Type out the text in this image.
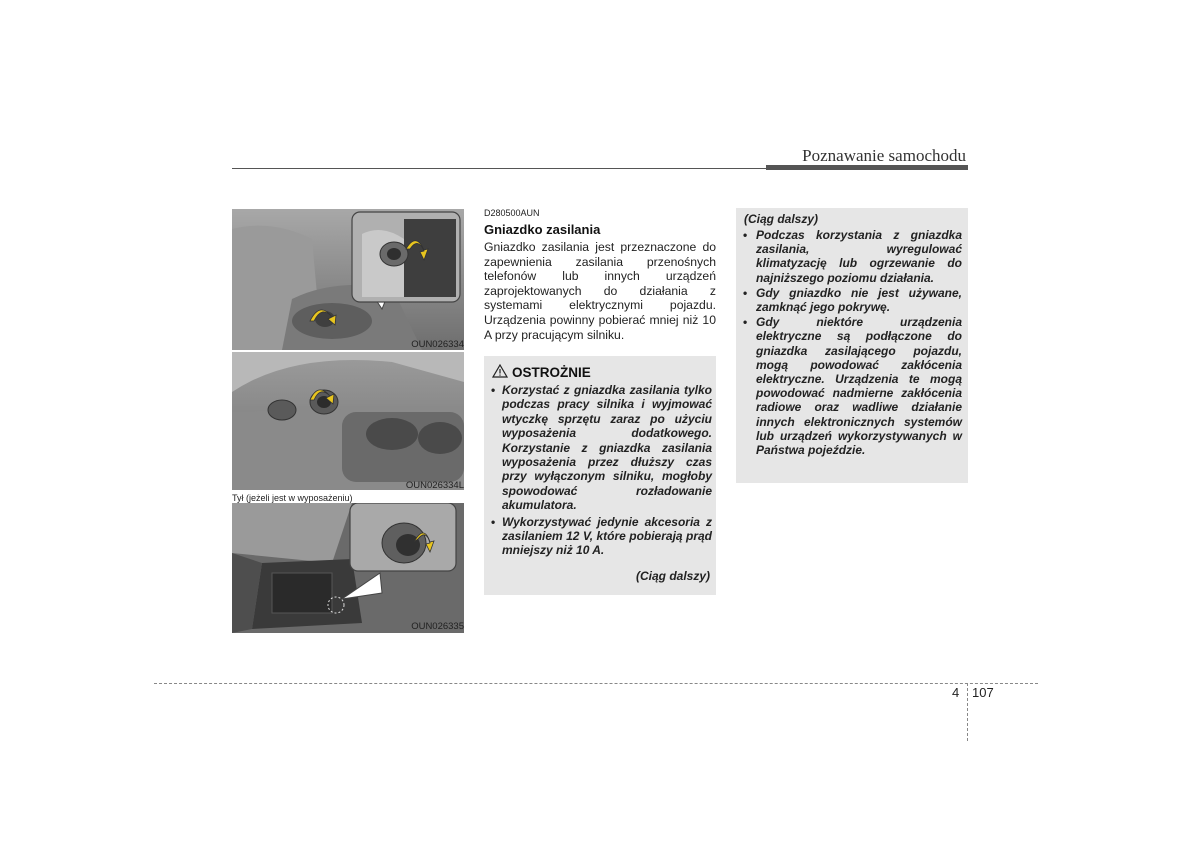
Poznawanie samochodu
OUN026334
OUN026334L
Tył (jeżeli jest w wyposażeniu)
OUN026335
D280500AUN
Gniazdko zasilania
Gniazdko zasilania jest przeznaczone do zapewnienia zasilania przenośnych telefonów lub innych urządzeń zaprojektowanych do działania z systemami elektrycznymi pojazdu. Urządzenia powinny pobierać mniej niż 10 A przy pracującym silniku.
OSTROŻNIE
• Korzystać z gniazdka zasilania tylko podczas pracy silnika i wyjmować wtyczkę sprzętu zaraz po użyciu wyposażenia dodatkowego. Korzystanie z gniazdka zasilania wyposażenia przez dłuższy czas przy wyłączonym silniku, mogłoby spowodować rozładowanie akumulatora.
• Wykorzystywać jedynie akcesoria z zasilaniem 12 V, które pobierają prąd mniejszy niż 10 A.
(Ciąg dalszy)
(Ciąg dalszy)
• Podczas korzystania z gniazdka zasilania, wyregulować klimatyzację lub ogrzewanie do najniższego poziomu działania.
• Gdy gniazdko nie jest używane, zamknąć jego pokrywę.
• Gdy niektóre urządzenia elektryczne są podłączone do gniazdka zasilającego pojazdu, mogą powodować zakłócenia elektryczne. Urządzenia te mogą powodować nadmierne zakłócenia radiowe oraz wadliwe działanie innych elektronicznych systemów lub urządzeń wykorzystywanych w Państwa pojeździe.
4 107
